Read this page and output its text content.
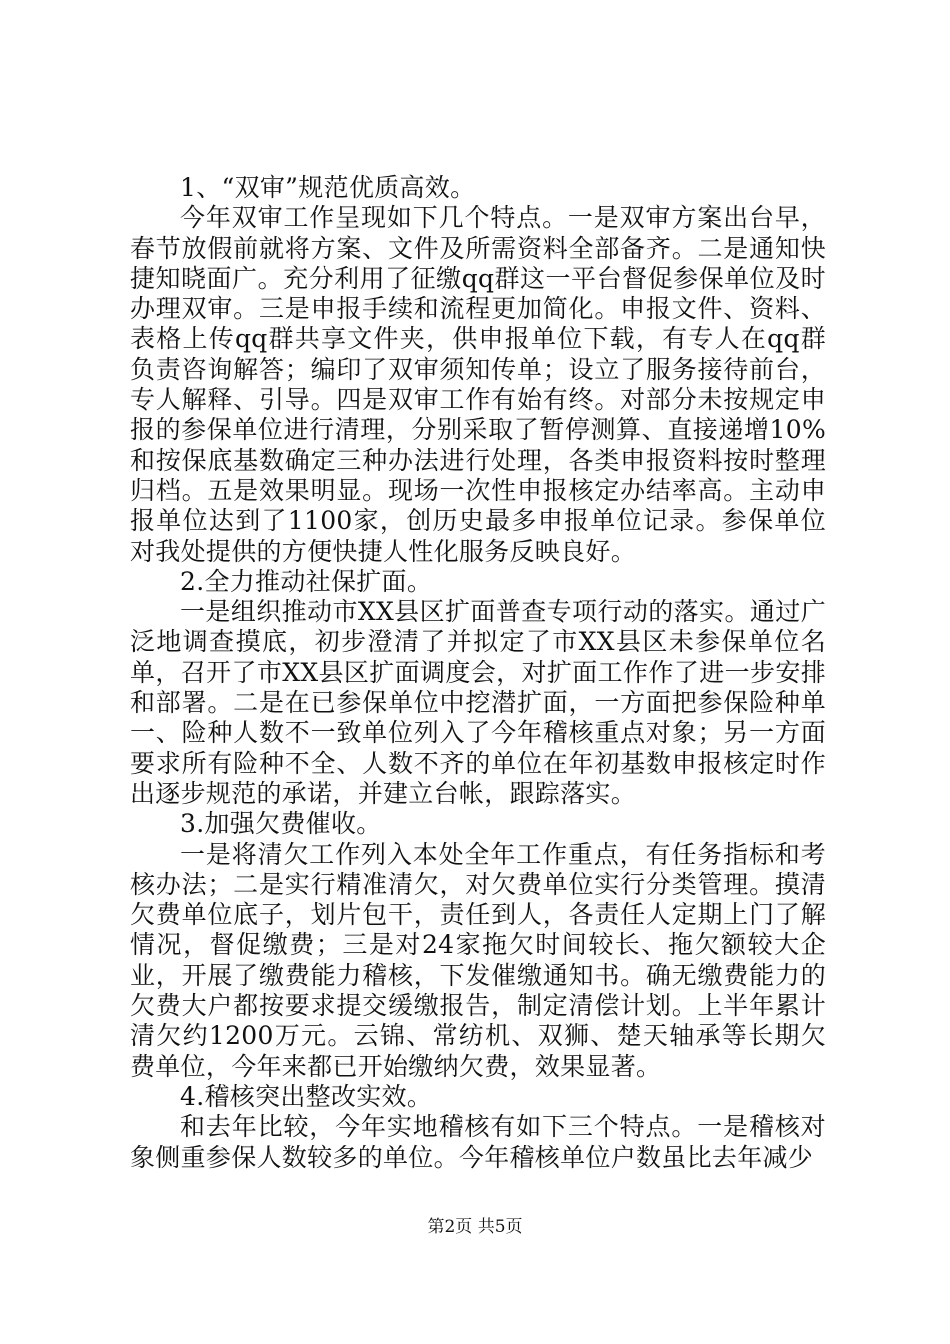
1、“双审”规范优质高效。

今年双审工作呈现如下几个特点。一是双审方案出台早，春节放假前就将方案、文件及所需资料全部备齐。二是通知快捷知晓面广。充分利用了征缴qq群这一平台督促参保单位及时办理双审。三是申报手续和流程更加简化。申报文件、资料、表格上传qq群共享文件夹，供申报单位下载，有专人在qq群负责咨询解答；编印了双审须知传单；设立了服务接待前台，专人解释、引导。四是双审工作有始有终。对部分未按规定申报的参保单位进行清理，分别采取了暂停测算、直接递增10%和按保底基数确定三种办法进行处理，各类申报资料按时整理归档。五是效果明显。现场一次性申报核定办结率高。主动申报单位达到了1100家，创历史最多申报单位记录。参保单位对我处提供的方便快捷人性化服务反映良好。

2.全力推动社保扩面。

一是组织推动市XX县区扩面普查专项行动的落实。通过广泛地调查摸底，初步澄清了并拟定了市XX县区未参保单位名单，召开了市XX县区扩面调度会，对扩面工作作了进一步安排和部署。二是在已参保单位中挖潜扩面，一方面把参保险种单一、险种人数不一致单位列入了今年稽核重点对象；另一方面要求所有险种不全、人数不齐的单位在年初基数申报核定时作出逐步规范的承诺，并建立台帐，跟踪落实。

3.加强欠费催收。

一是将清欠工作列入本处全年工作重点，有任务指标和考核办法；二是实行精准清欠，对欠费单位实行分类管理。摸清欠费单位底子，划片包干，责任到人，各责任人定期上门了解情况，督促缴费；三是对24家拖欠时间较长、拖欠额较大企业，开展了缴费能力稽核，下发催缴通知书。确无缴费能力的欠费大户都按要求提交缓缴报告，制定清偿计划。上半年累计清欠约1200万元。云锦、常纺机、双狮、楚天轴承等长期欠费单位，今年来都已开始缴纳欠费，效果显著。

4.稽核突出整改实效。

和去年比较，今年实地稽核有如下三个特点。一是稽核对象侧重参保人数较多的单位。今年稽核单位户数虽比去年减少

第2页 共5页
